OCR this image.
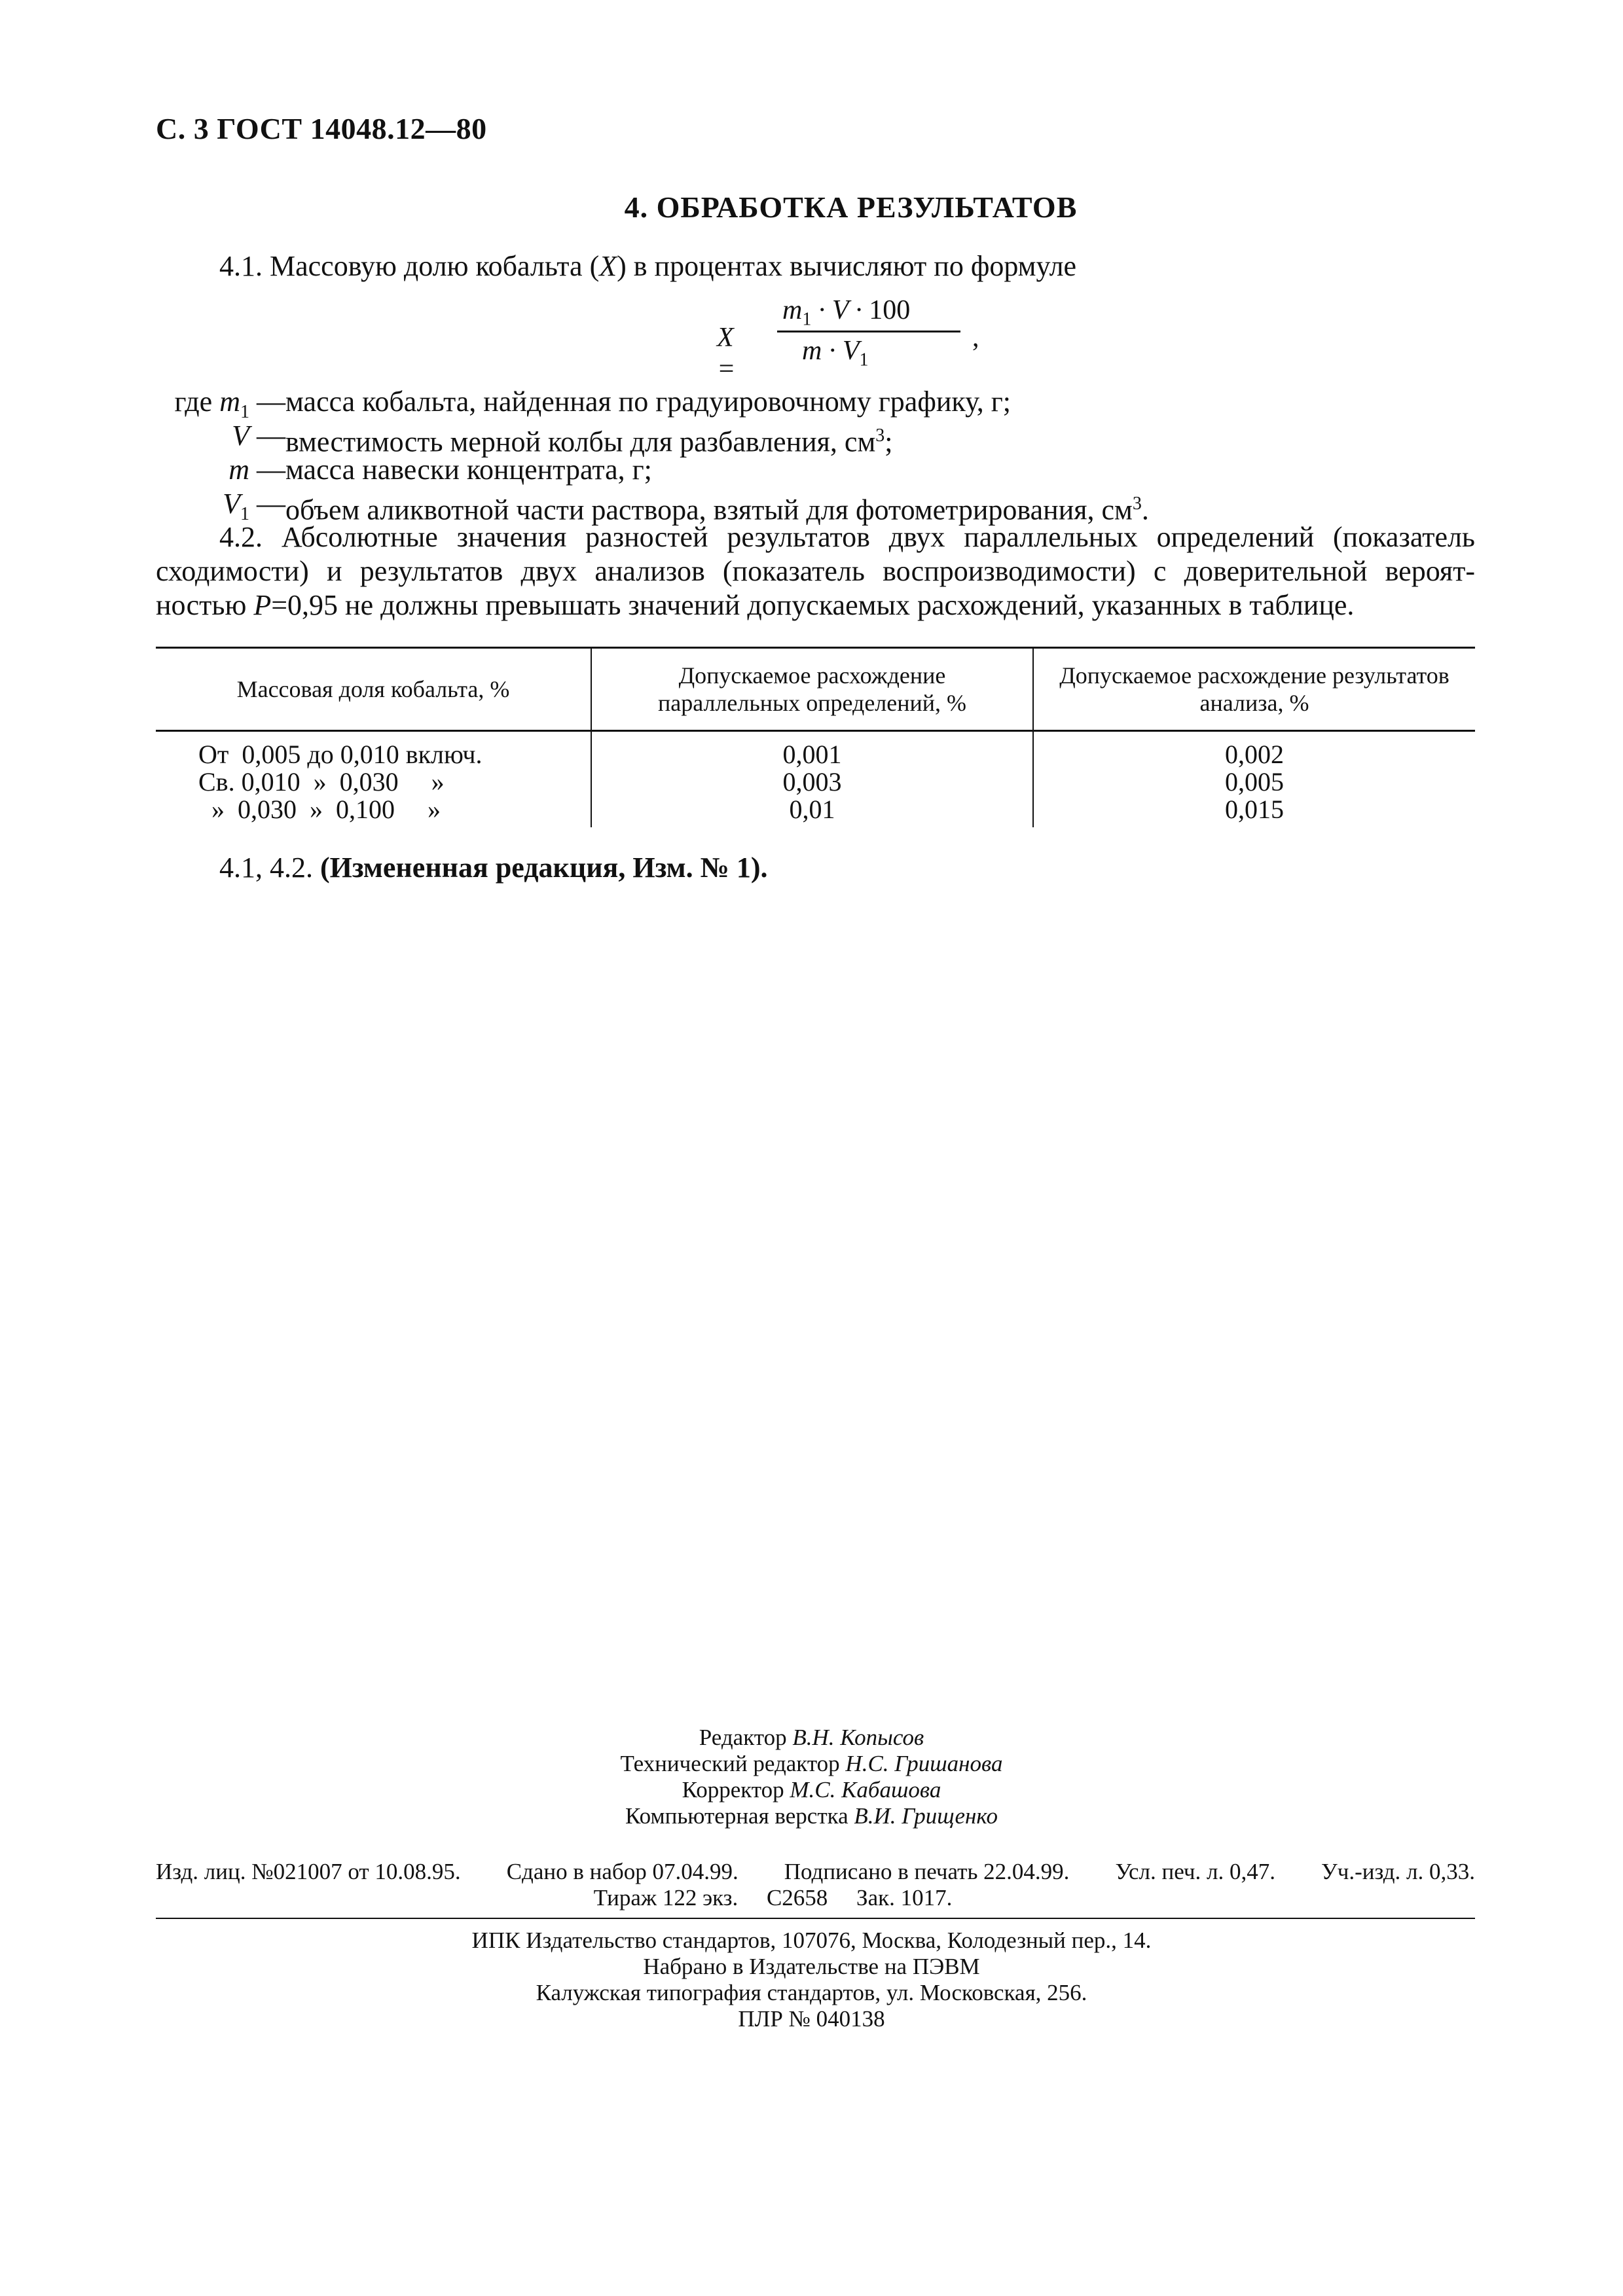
С. 3 ГОСТ 14048.12—80
4. ОБРАБОТКА РЕЗУЛЬТАТОВ
4.1. Массовую долю кобальта (X) в процентах вычисляют по формуле
X =
$m_1 \cdot V \cdot 100$
$m \cdot V_1$
,
где $m_1$ — масса кобальта, найденная по градуировочному графику, г;
V — вместимость мерной колбы для разбавления, $см^3$;
m — масса навески концентрата, г;
$V_1$ — объем аликвотной части раствора, взятый для фотометрирования, $см^3$.
4.2. Абсолютные значения разностей результатов двух параллельных определений (показатель
сходимости) и результатов двух анализов (показатель воспроизводимости) с доверительной вероят-
ностью P=0,95 не должны превышать значений допускаемых расхождений, указанных в таблице.
Массовая доля кобальта, %	Допускаемое расхождение параллельных определений, %	Допускаемое расхождение результатов анализа, %
От  0,005 до 0,010 включ.	0,001	0,002
Св. 0,010  »  0,030     »	0,003	0,005
»  0,030  »  0,100     »	0,01	0,015
4.1, 4.2. (Измененная редакция, Изм. № 1).
Редактор В.Н. Копысов
Технический редактор Н.С. Гришанова
Корректор М.С. Кабашова
Компьютерная верстка В.И. Грищенко
Изд. лиц. №021007 от 10.08.95. Сдано в набор 07.04.99. Подписано в печать 22.04.99. Усл. печ. л. 0,47. Уч.-изд. л. 0,33.
Тираж 122 экз.     С2658     Зак. 1017.
ИПК Издательство стандартов, 107076, Москва, Колодезный пер., 14.
Набрано в Издательстве на ПЭВМ
Калужская типография стандартов, ул. Московская, 256.
ПЛР № 040138
